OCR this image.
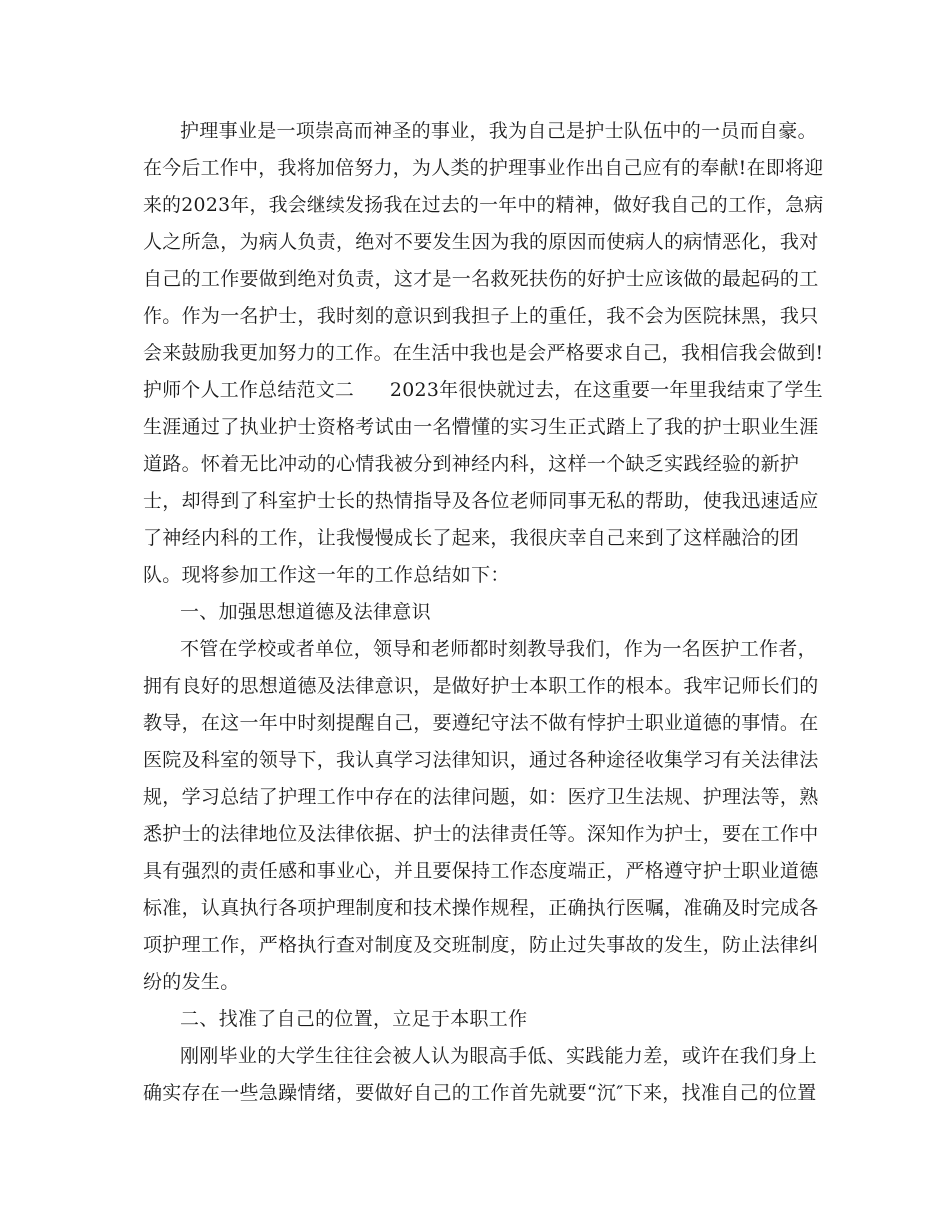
护理事业是一项崇高而神圣的事业，我为自己是护士队伍中的一员而自豪。
在今后工作中，我将加倍努力，为人类的护理事业作出自己应有的奉献!在即将迎
来的2023年，我会继续发扬我在过去的一年中的精神，做好我自己的工作，急病
人之所急，为病人负责，绝对不要发生因为我的原因而使病人的病情恶化，我对
自己的工作要做到绝对负责，这才是一名救死扶伤的好护士应该做的最起码的工
作。作为一名护士，我时刻的意识到我担子上的重任，我不会为医院抹黑，我只
会来鼓励我更加努力的工作。在生活中我也是会严格要求自己，我相信我会做到!
护师个人工作总结范文二 2023年很快就过去，在这重要一年里我结束了学生
生涯通过了执业护士资格考试由一名懵懂的实习生正式踏上了我的护士职业生涯
道路。怀着无比冲动的心情我被分到神经内科，这样一个缺乏实践经验的新护
士，却得到了科室护士长的热情指导及各位老师同事无私的帮助，使我迅速适应
了神经内科的工作，让我慢慢成长了起来，我很庆幸自己来到了这样融洽的团
队。现将参加工作这一年的工作总结如下：
一、加强思想道德及法律意识
不管在学校或者单位，领导和老师都时刻教导我们，作为一名医护工作者，
拥有良好的思想道德及法律意识，是做好护士本职工作的根本。我牢记师长们的
教导，在这一年中时刻提醒自己，要遵纪守法不做有悖护士职业道德的事情。在
医院及科室的领导下，我认真学习法律知识，通过各种途径收集学习有关法律法
规，学习总结了护理工作中存在的法律问题，如：医疗卫生法规、护理法等，熟
悉护士的法律地位及法律依据、护士的法律责任等。深知作为护士，要在工作中
具有强烈的责任感和事业心，并且要保持工作态度端正，严格遵守护士职业道德
标准，认真执行各项护理制度和技术操作规程，正确执行医嘱，准确及时完成各
项护理工作，严格执行查对制度及交班制度，防止过失事故的发生，防止法律纠
纷的发生。
二、找准了自己的位置，立足于本职工作
刚刚毕业的大学生往往会被人认为眼高手低、实践能力差，或许在我们身上
确实存在一些急躁情绪，要做好自己的工作首先就要“沉″下来，找准自己的位置
